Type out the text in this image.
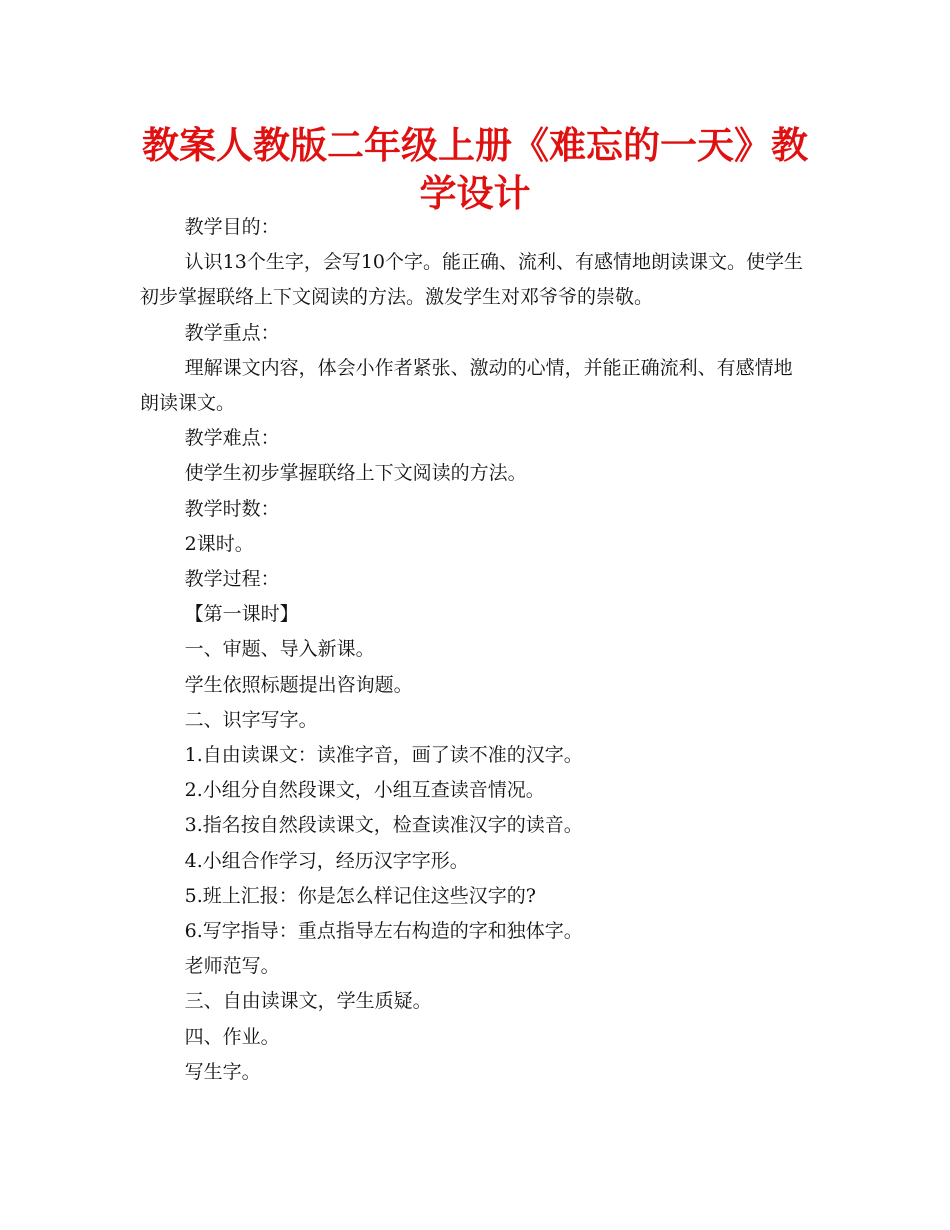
教案人教版二年级上册《难忘的一天》教学设计

教学目的：

认识13个生字，会写10个字。能正确、流利、有感情地朗读课文。使学生初步掌握联络上下文阅读的方法。激发学生对邓爷爷的崇敬。

教学重点：

理解课文内容，体会小作者紧张、激动的心情，并能正确流利、有感情地朗读课文。

教学难点：

使学生初步掌握联络上下文阅读的方法。

教学时数：

2课时。

教学过程：

【第一课时】

一、审题、导入新课。

学生依照标题提出咨询题。

二、识字写字。

1.自由读课文：读准字音，画了读不准的汉字。

2.小组分自然段课文，小组互查读音情况。

3.指名按自然段读课文，检查读准汉字的读音。

4.小组合作学习，经历汉字字形。

5.班上汇报：你是怎么样记住这些汉字的?

6.写字指导：重点指导左右构造的字和独体字。

老师范写。

三、自由读课文，学生质疑。

四、作业。

写生字。
